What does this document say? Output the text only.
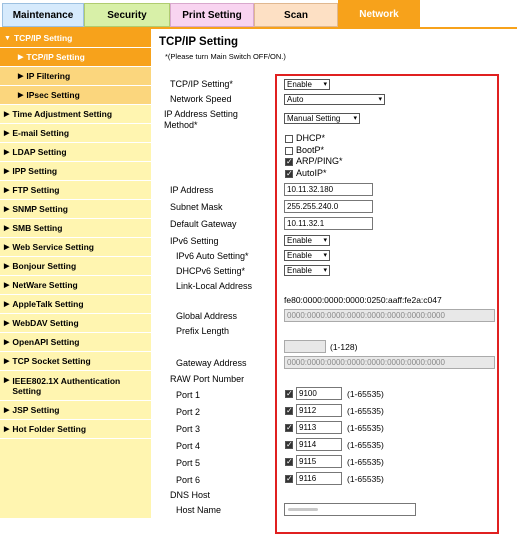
Maintenance	Security	Print Setting	Scan	Network
▼ TCP/IP Setting
▶ TCP/IP Setting
▶ IP Filtering
▶ IPsec Setting
▶ Time Adjustment Setting
▶ E-mail Setting
▶ LDAP Setting
▶ IPP Setting
▶ FTP Setting
▶ SNMP Setting
▶ SMB Setting
▶ Web Service Setting
▶ Bonjour Setting
▶ NetWare Setting
▶ AppleTalk Setting
▶ WebDAV Setting
▶ OpenAPI Setting
▶ TCP Socket Setting
▶ IEEE802.1X Authentication Setting
▶ JSP Setting
▶ Hot Folder Setting
TCP/IP Setting
*(Please turn Main Switch OFF/ON.)
TCP/IP Setting*	Enable ▾
Network Speed	Auto	▾
IP Address Setting Method*
Manual Setting ▾
DHCP*
BootP*
✓ ARP/PING*
✓ AutoIP*
IP Address	10.11.32.180
Subnet Mask	255.255.240.0
Default Gateway	10.11.32.1
IPv6 Setting	Enable ▾
IPv6 Auto Setting*	Enable ▾
DHCPv6 Setting*	Enable ▾
Link-Local Address
fe80:0000:0000:0000:0250:aaff:fe2a:c047
Global Address	0000:0000:0000:0000:0000:0000:0000:0000
Prefix Length
(1-128)
Gateway Address	0000:0000:0000:0000:0000:0000:0000:0000
RAW Port Number
Port 1	✓ 9100	(1-65535)
Port 2	✓ 9112	(1-65535)
Port 3	✓ 9113	(1-65535)
Port 4	✓ 9114	(1-65535)
Port 5	✓ 9115	(1-65535)
Port 6	✓ 9116	(1-65535)
DNS Host
Host Name
